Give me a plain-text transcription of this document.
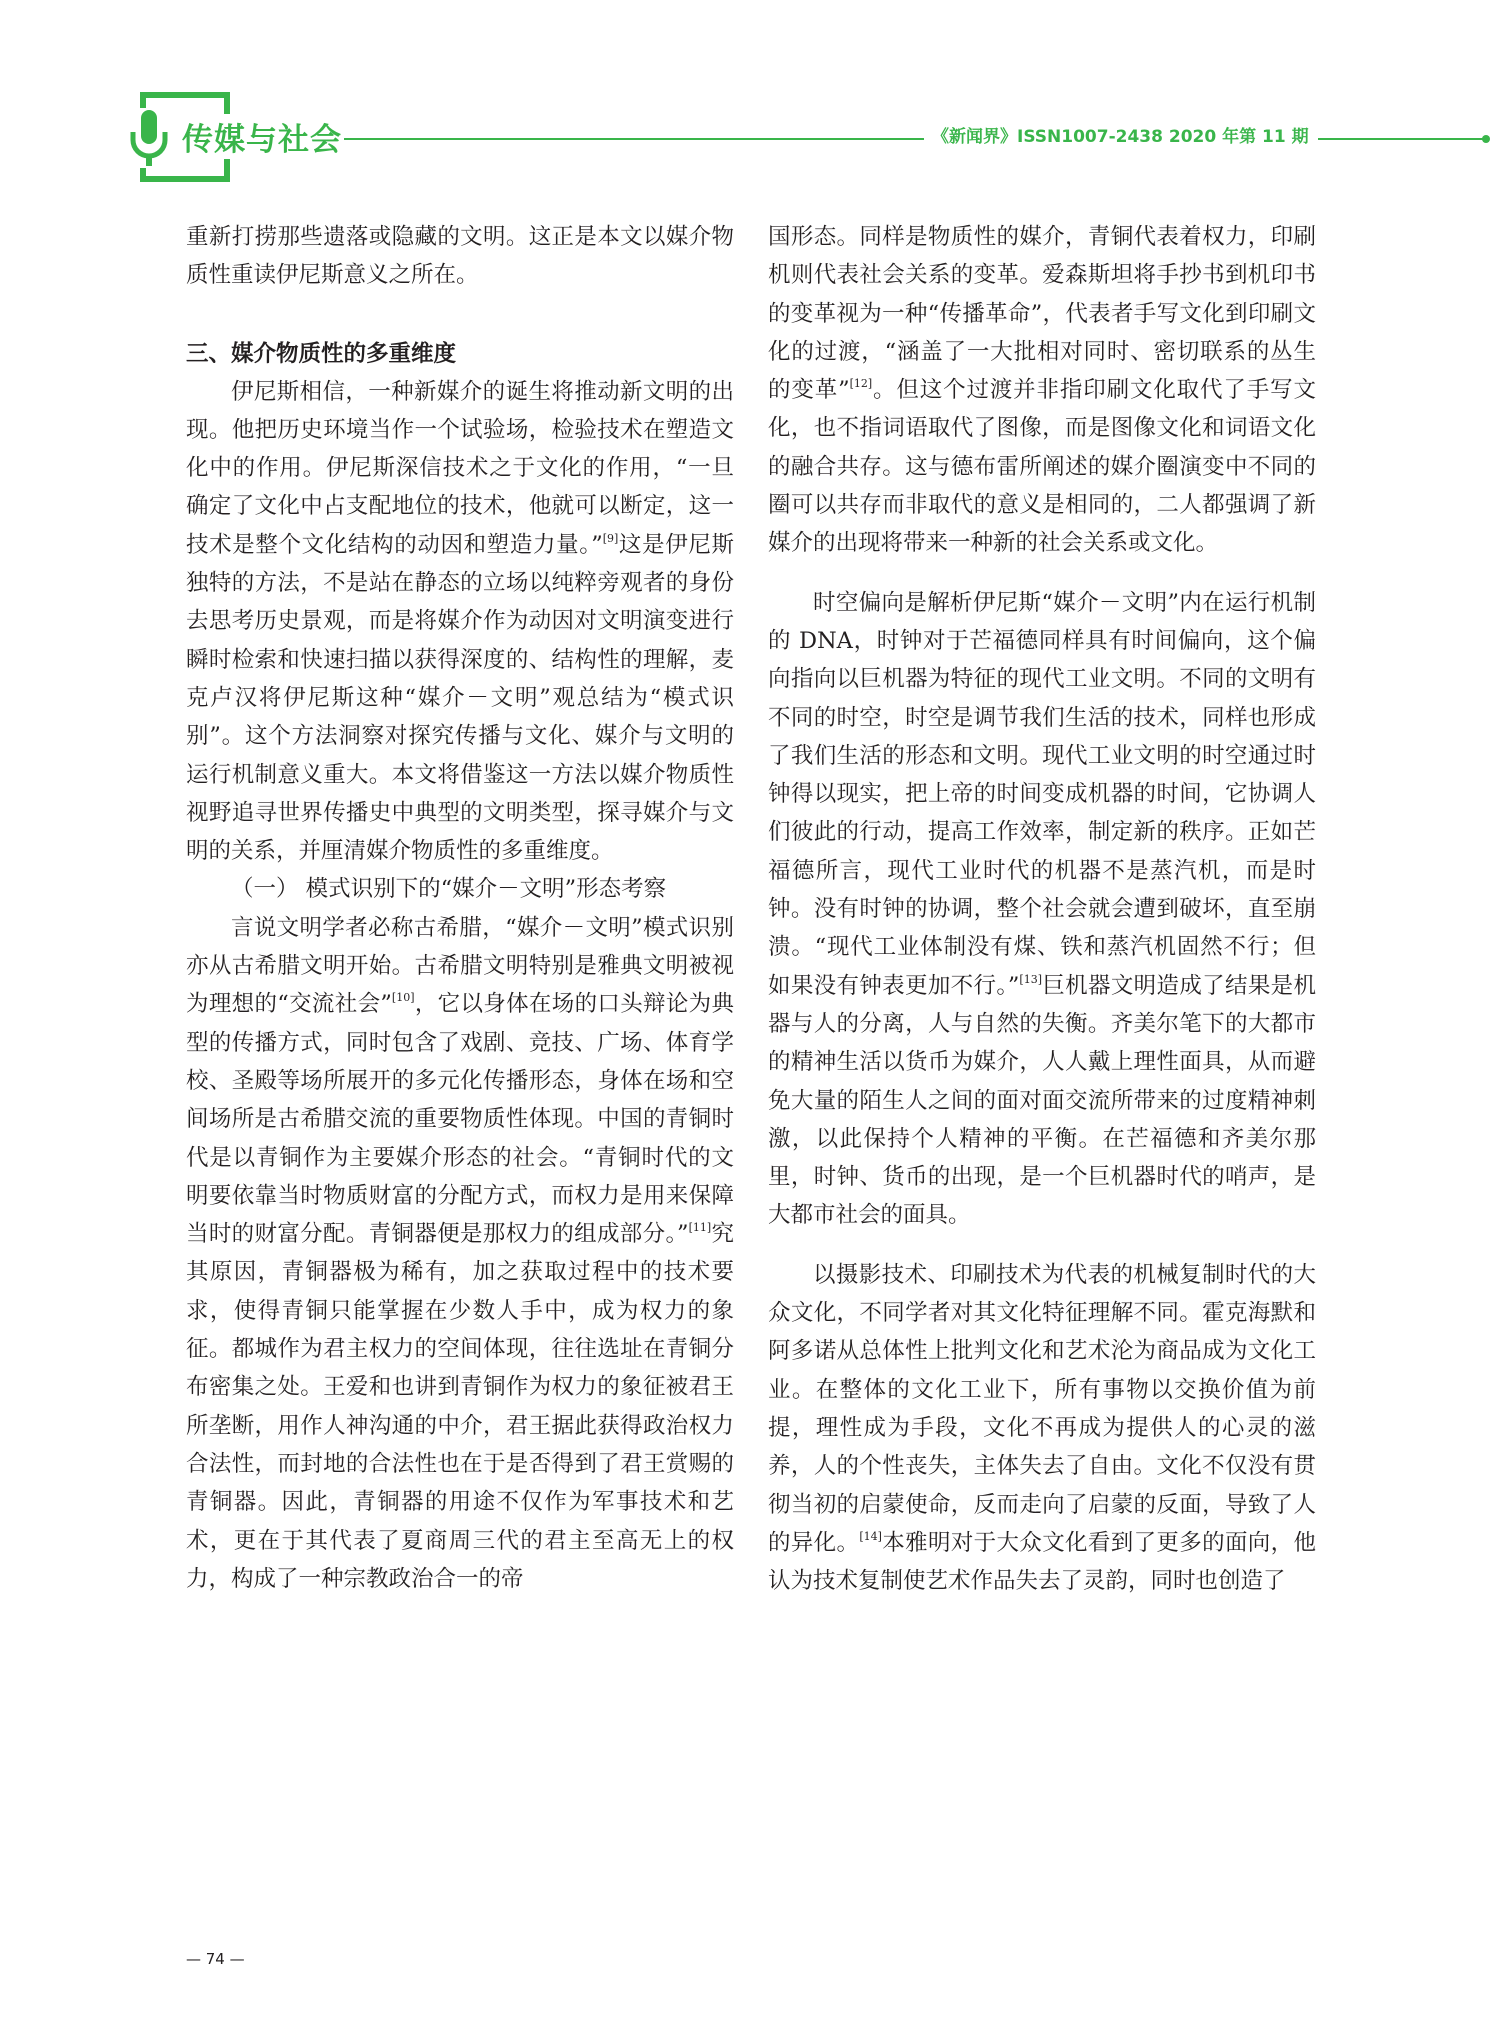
传媒与社会	《新闻界》ISSN1007-2438 2020 年第 11 期

重新打捞那些遗落或隐藏的文明。这正是本文以媒介物质性重读伊尼斯意义之所在。

三、媒介物质性的多重维度

伊尼斯相信，一种新媒介的诞生将推动新文明的出现。他把历史环境当作一个试验场，检验技术在塑造文化中的作用。伊尼斯深信技术之于文化的作用，“一旦确定了文化中占支配地位的技术，他就可以断定，这一技术是整个文化结构的动因和塑造力量。”[9]这是伊尼斯独特的方法，不是站在静态的立场以纯粹旁观者的身份去思考历史景观，而是将媒介作为动因对文明演变进行瞬时检索和快速扫描以获得深度的、结构性的理解，麦克卢汉将伊尼斯这种“媒介－文明”观总结为“模式识别”。这个方法洞察对探究传播与文化、媒介与文明的运行机制意义重大。本文将借鉴这一方法以媒介物质性视野追寻世界传播史中典型的文明类型，探寻媒介与文明的关系，并厘清媒介物质性的多重维度。

（一） 模式识别下的“媒介－文明”形态考察

言说文明学者必称古希腊，“媒介－文明”模式识别亦从古希腊文明开始。古希腊文明特别是雅典文明被视为理想的“交流社会”[10]，它以身体在场的口头辩论为典型的传播方式，同时包含了戏剧、竞技、广场、体育学校、圣殿等场所展开的多元化传播形态，身体在场和空间场所是古希腊交流的重要物质性体现。中国的青铜时代是以青铜作为主要媒介形态的社会。“青铜时代的文明要依靠当时物质财富的分配方式，而权力是用来保障当时的财富分配。青铜器便是那权力的组成部分。”[11]究其原因，青铜器极为稀有，加之获取过程中的技术要求，使得青铜只能掌握在少数人手中，成为权力的象征。都城作为君主权力的空间体现，往往选址在青铜分布密集之处。王爱和也讲到青铜作为权力的象征被君王所垄断，用作人神沟通的中介，君王据此获得政治权力合法性，而封地的合法性也在于是否得到了君王赏赐的青铜器。因此，青铜器的用途不仅作为军事技术和艺术，更在于其代表了夏商周三代的君主至高无上的权力，构成了一种宗教政治合一的帝

国形态。同样是物质性的媒介，青铜代表着权力，印刷机则代表社会关系的变革。爱森斯坦将手抄书到机印书的变革视为一种“传播革命”，代表者手写文化到印刷文化的过渡，“涵盖了一大批相对同时、密切联系的丛生的变革”[12]。但这个过渡并非指印刷文化取代了手写文化，也不指词语取代了图像，而是图像文化和词语文化的融合共存。这与德布雷所阐述的媒介圈演变中不同的圈可以共存而非取代的意义是相同的，二人都强调了新媒介的出现将带来一种新的社会关系或文化。

时空偏向是解析伊尼斯“媒介－文明”内在运行机制的 DNA，时钟对于芒福德同样具有时间偏向，这个偏向指向以巨机器为特征的现代工业文明。不同的文明有不同的时空，时空是调节我们生活的技术，同样也形成了我们生活的形态和文明。现代工业文明的时空通过时钟得以现实，把上帝的时间变成机器的时间，它协调人们彼此的行动，提高工作效率，制定新的秩序。正如芒福德所言，现代工业时代的机器不是蒸汽机，而是时钟。没有时钟的协调，整个社会就会遭到破坏，直至崩溃。“现代工业体制没有煤、铁和蒸汽机固然不行；但如果没有钟表更加不行。”[13]巨机器文明造成了结果是机器与人的分离，人与自然的失衡。齐美尔笔下的大都市的精神生活以货币为媒介，人人戴上理性面具，从而避免大量的陌生人之间的面对面交流所带来的过度精神刺激，以此保持个人精神的平衡。在芒福德和齐美尔那里，时钟、货币的出现，是一个巨机器时代的哨声，是大都市社会的面具。

以摄影技术、印刷技术为代表的机械复制时代的大众文化，不同学者对其文化特征理解不同。霍克海默和阿多诺从总体性上批判文化和艺术沦为商品成为文化工业。在整体的文化工业下，所有事物以交换价值为前提，理性成为手段，文化不再成为提供人的心灵的滋养，人的个性丧失，主体失去了自由。文化不仅没有贯彻当初的启蒙使命，反而走向了启蒙的反面，导致了人的异化。[14]本雅明对于大众文化看到了更多的面向，他认为技术复制使艺术作品失去了灵韵，同时也创造了

— 74 —
